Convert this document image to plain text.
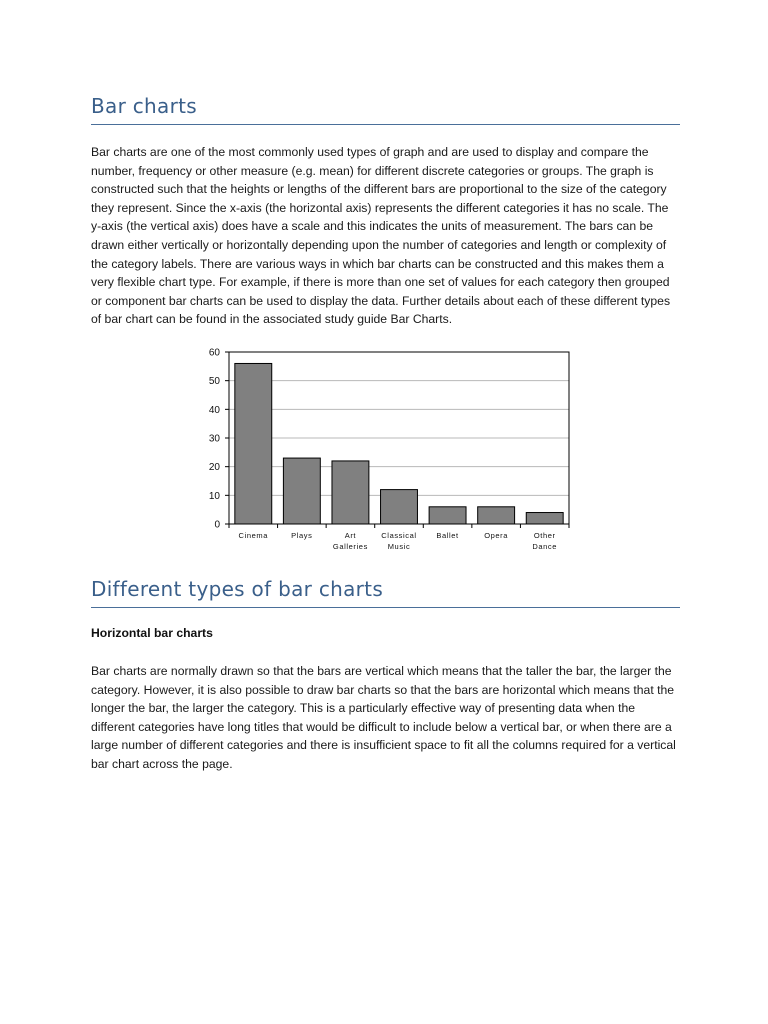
Bar charts

Bar charts are one of the most commonly used types of graph and are used to display and compare the number, frequency or other measure (e.g. mean) for different discrete categories or groups. The graph is constructed such that the heights or lengths of the different bars are proportional to the size of the category they represent. Since the x-axis (the horizontal axis) represents the different categories it has no scale. The y-axis (the vertical axis) does have a scale and this indicates the units of measurement. The bars can be drawn either vertically or horizontally depending upon the number of categories and length or complexity of the category labels. There are various ways in which bar charts can be constructed and this makes them a very flexible chart type. For example, if there is more than one set of values for each category then grouped or component bar charts can be used to display the data. Further details about each of these different types of bar chart can be found in the associated study guide Bar Charts.

0
10
20
30
40
50
60
Cinema	Plays	Art
Galleries
Classical
Music
Ballet	Opera	Other
Dance
Different types of bar charts
Horizontal bar charts

Bar charts are normally drawn so that the bars are vertical which means that the taller the bar, the larger the category. However, it is also possible to draw bar charts so that the bars are horizontal which means that the longer the bar, the larger the category. This is a particularly effective way of presenting data when the different categories have long titles that would be difficult to include below a vertical bar, or when there are a large number of different categories and there is insufficient space to fit all the columns required for a vertical bar chart across the page.
